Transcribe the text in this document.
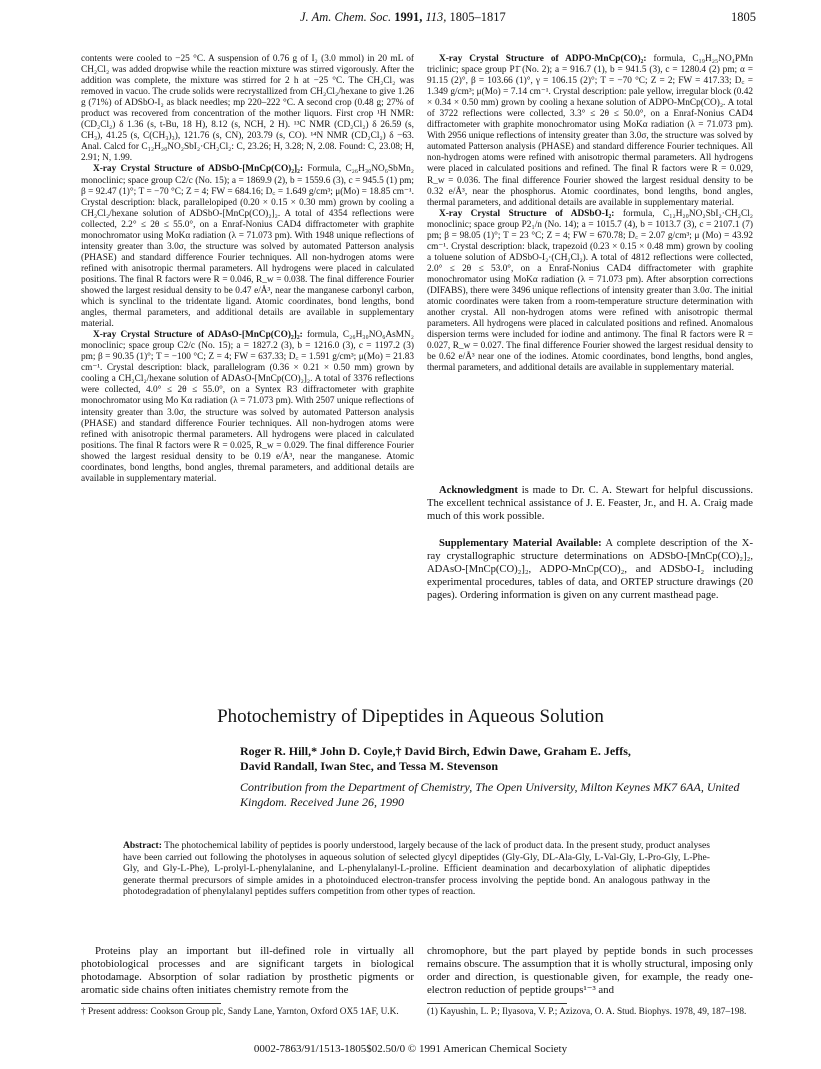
J. Am. Chem. Soc. 1991, 113, 1805–1817	1805

contents were cooled to −25 °C. A suspension of 0.76 g of I₂ (3.0 mmol) in 20 mL of CH₂Cl₂ was added dropwise while the reaction mixture was stirred vigorously. After the addition was complete, the mixture was stirred for 2 h at −25 °C. The CH₂Cl₂ was removed in vacuo. The crude solids were recrystallized from CH₂Cl₂/hexane to give 1.26 g (71%) of ADSbO-I₂ as black needles; mp 220–222 °C. A second crop (0.48 g; 27% of product was recovered from concentration of the mother liquors. First crop ¹H NMR: (CD₂Cl₂) δ 1.36 (s, t-Bu, 18 H), 8.12 (s, NCH, 2 H). ¹³C NMR (CD₂Cl₂) δ 26.59 (s, CH₃), 41.25 (s, C(CH₃)₃), 121.76 (s, CN), 203.79 (s, CO). ¹⁴N NMR (CD₂Cl₂) δ −63. Anal. Calcd for C₁₂H₂₀NO₂SbI₂·CH₂Cl₂: C, 23.26; H, 3.28; N, 2.08. Found: C, 23.08; H, 2.91; N, 1.99.

X-ray Crystal Structure of ADSbO-[MnCp(CO)₂]₂: Formula, C₂₆H₃₀NO₆SbMn₂ monoclinic; space group C2/c (No. 15); a = 1869.9 (2), b = 1559.6 (3), c = 945.5 (1) pm; β = 92.47 (1)°; T = −70 °C; Z = 4; FW = 684.16; D꜀ = 1.649 g/cm³; μ(Mo) = 18.85 cm⁻¹. Crystal description: black, parallelopiped (0.20 × 0.15 × 0.30 mm) grown by cooling a CH₂Cl₂/hexane solution of ADSbO-[MnCp(CO)₂]₂. A total of 4354 reflections were collected, 2.2° ≤ 2θ ≤ 55.0°, on a Enraf-Nonius CAD4 diffractometer with graphite monochromator using MoKα radiation (λ = 71.073 pm). With 1948 unique reflections of intensity greater than 3.0σ, the structure was solved by automated Patterson analysis (PHASE) and standard difference Fourier techniques. All non-hydrogen atoms were refined with anisotropic thermal parameters. All hydrogens were placed in calculated positions. The final R factors were R = 0.046, R_w = 0.038. The final difference Fourier showed the largest residual density to be 0.47 e/Å³, near the manganese carbonyl carbon, which is synclinal to the tridentate ligand. Atomic coordinates, bond lengths, bond angles, thermal parameters, and additional details are available in supplementary material.

X-ray Crystal Structure of ADAsO-[MnCp(CO)₂]₂: formula, C₂₆H₃₀NO₆AsMN₂ monoclinic; space group C2/c (No. 15); a = 1827.2 (3), b = 1216.0 (3), c = 1197.2 (3) pm; β = 90.35 (1)°; T = −100 °C; Z = 4; FW = 637.33; D꜀ = 1.591 g/cm³; μ(Mo) = 21.83 cm⁻¹. Crystal description: black, parallelogram (0.36 × 0.21 × 0.50 mm) grown by cooling a CH₂Cl₂/hexane solution of ADAsO-[MnCp(CO)₂]₂. A total of 3376 reflections were collected, 4.0° ≤ 2θ ≤ 55.0°, on a Syntex R3 diffractometer with graphite monochromator using Mo Kα radiation (λ = 71.073 pm). With 2507 unique reflections of intensity greater than 3.0σ, the structure was solved by automated Patterson analysis (PHASE) and standard difference Fourier techniques. All non-hydrogen atoms were refined with anisotropic thermal parameters. All hydrogens were placed in calculated positions. The final R factors were R = 0.025, R_w = 0.029. The final difference Fourier showed the largest residual density to be 0.19 e/Å³, near the manganese. Atomic coordinates, bond lengths, bond angles, thremal parameters, and additional details are available in supplementary material.

X-ray Crystal Structure of ADPO-MnCp(CO)₂: formula, C₁₉H₂₅NO₄PMn triclinic; space group P1̄ (No. 2); a = 916.7 (1), b = 941.5 (3), c = 1280.4 (2) pm; α = 91.15 (2)°, β = 103.66 (1)°, γ = 106.15 (2)°; T = −70 °C; Z = 2; FW = 417.33; D꜀ = 1.349 g/cm³; μ(Mo) = 7.14 cm⁻¹. Crystal description: pale yellow, irregular block (0.42 × 0.34 × 0.50 mm) grown by cooling a hexane solution of ADPO-MnCp(CO)₂. A total of 3722 reflections were collected, 3.3° ≤ 2θ ≤ 50.0°, on a Enraf-Nonius CAD4 diffractometer with graphite monochromator using MoKα radiation (λ = 71.073 pm). With 2956 unique reflections of intensity greater than 3.0σ, the structure was solved by automated Patterson analysis (PHASE) and standard difference Fourier techniques. All non-hydrogen atoms were refined with anisotropic thermal parameters. All hydrogens were placed in calculated positions and refined. The final R factors were R = 0.029, R_w = 0.036. The final difference Fourier showed the largest residual density to be 0.32 e/Å³, near the phosphorus. Atomic coordinates, bond lengths, bond angles, thermal parameters, and additional details are available in supplementary material.

X-ray Crystal Structure of ADSbO-I₂: formula, C₁₂H₂₀NO₂SbI₂·CH₂Cl₂ monoclinic; space group P2₁/n (No. 14); a = 1015.7 (4), b = 1013.7 (3), c = 2107.1 (7) pm; β = 98.05 (1)°; T = 23 °C; Z = 4; FW = 670.78; D꜀ = 2.07 g/cm³; μ (Mo) = 43.92 cm⁻¹. Crystal description: black, trapezoid (0.23 × 0.15 × 0.48 mm) grown by cooling a toluene solution of ADSbO-I₂·(CH₂Cl₂). A total of 4812 reflections were collected, 2.0° ≤ 2θ ≤ 53.0°, on a Enraf-Nonius CAD4 diffractometer with graphite monochromator using MoKα radiation (λ = 71.073 pm). After absorption corrections (DIFABS), there were 3496 unique reflections of intensity greater than 3.0σ. The initial atomic coordinates were taken from a room-temperature structure determination with another crystal. All non-hydrogen atoms were refined with anisotropic thermal parameters. All hydrogens were placed in calculated positions and refined. Anomalous dispersion terms were included for iodine and antimony. The final R factors were R = 0.027, R_w = 0.027. The final difference Fourier showed the largest residual density to be 0.62 e/Å³ near one of the iodines. Atomic coordinates, bond lengths, bond angles, thermal parameters, and additional details are available in supplementary material.

Acknowledgment is made to Dr. C. A. Stewart for helpful discussions. The excellent technical assistance of J. E. Feaster, Jr., and H. A. Craig made much of this work possible.

Supplementary Material Available: A complete description of the X-ray crystallographic structure determinations on ADSbO-[MnCp(CO)₂]₂, ADAsO-[MnCp(CO)₂]₂, ADPO-MnCp(CO)₂, and ADSbO-I₂ including experimental procedures, tables of data, and ORTEP structure drawings (20 pages). Ordering information is given on any current masthead page.

Photochemistry of Dipeptides in Aqueous Solution
Roger R. Hill,* John D. Coyle,† David Birch, Edwin Dawe, Graham E. Jeffs,
David Randall, Iwan Stec, and Tessa M. Stevenson
Contribution from the Department of Chemistry, The Open University, Milton Keynes MK7 6AA, United Kingdom. Received June 26, 1990
Abstract: The photochemical lability of peptides is poorly understood, largely because of the lack of product data. In the present study, product analyses have been carried out following the photolyses in aqueous solution of selected glycyl dipeptides (Gly-Gly, DL-Ala-Gly, L-Val-Gly, L-Pro-Gly, L-Phe-Gly, and Gly-L-Phe), L-prolyl-L-phenylalanine, and L-phenylalanyl-L-proline. Efficient deamination and decarboxylation of aliphatic dipeptides generate thermal precursors of simple amides in a photoinduced electron-transfer process involving the peptide bond. An analogous pathway in the photodegradation of phenylalanyl peptides suffers competition from other types of reaction.

Proteins play an important but ill-defined role in virtually all photobiological processes and are significant targets in biological photodamage. Absorption of solar radiation by prosthetic pigments or aromatic side chains often initiates chemistry remote from the

chromophore, but the part played by peptide bonds in such processes remains obscure. The assumption that it is wholly structural, imposing only order and direction, is questionable given, for example, the ready one-electron reduction of peptide groups¹⁻³ and

† Present address: Cookson Group plc, Sandy Lane, Yarnton, Oxford OX5 1AF, U.K.	(1) Kayushin, L. P.; Ilyasova, V. P.; Azizova, O. A. Stud. Biophys. 1978, 49, 187–198.
0002-7863/91/1513-1805$02.50/0 © 1991 American Chemical Society
